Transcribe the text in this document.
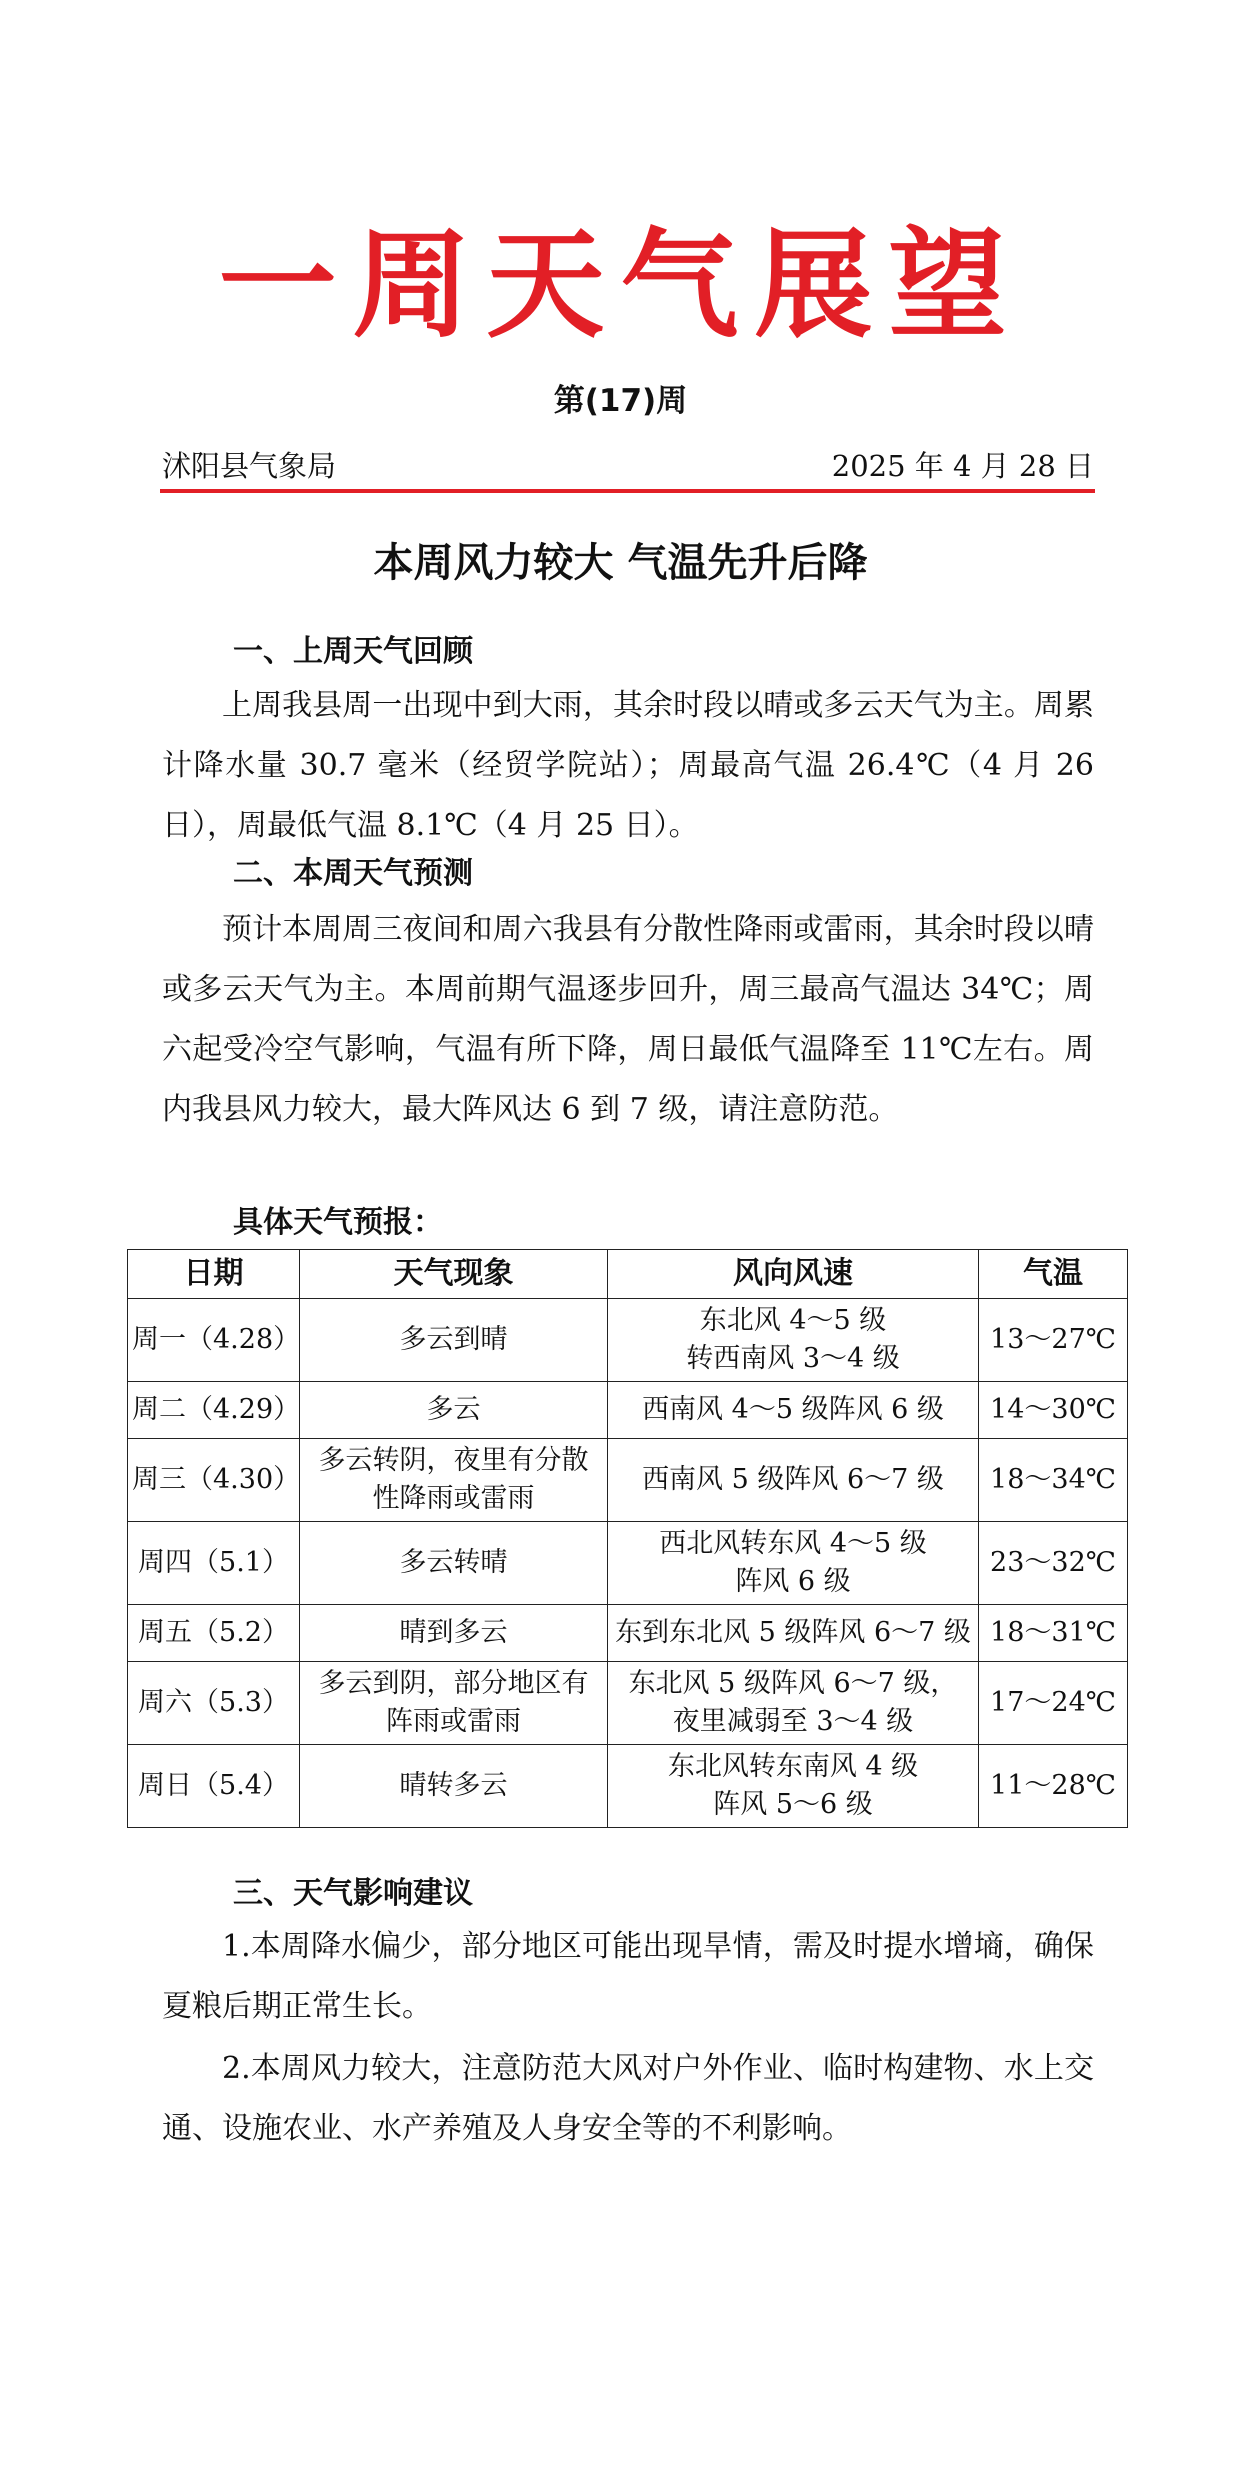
一周天气展望
第(17)周
沭阳县气象局	2025 年 4 月 28 日
本周风力较大 气温先升后降
一、上周天气回顾

上周我县周一出现中到大雨，其余时段以晴或多云天气为主。周累计降水量 30.7 毫米（经贸学院站）；周最高气温 26.4℃（4 月 26 日），周最低气温 8.1℃（4 月 25 日）。

二、本周天气预测

预计本周周三夜间和周六我县有分散性降雨或雷雨，其余时段以晴或多云天气为主。本周前期气温逐步回升，周三最高气温达 34℃；周六起受冷空气影响，气温有所下降，周日最低气温降至 11℃左右。周内我县风力较大，最大阵风达 6 到 7 级，请注意防范。

具体天气预报：
日期	天气现象	风向风速	气温
周一（4.28）	多云到晴	东北风 4～5 级
转西南风 3～4 级	13～27℃
周二（4.29）	多云	西南风 4～5 级阵风 6 级	14～30℃
周三（4.30）	多云转阴，夜里有分散
性降雨或雷雨	西南风 5 级阵风 6～7 级	18～34℃
周四（5.1）	多云转晴	西北风转东风 4～5 级
阵风 6 级	23～32℃
周五（5.2）	晴到多云	东到东北风 5 级阵风 6～7 级	18～31℃
周六（5.3）	多云到阴，部分地区有
阵雨或雷雨	东北风 5 级阵风 6～7 级，
夜里减弱至 3～4 级	17～24℃
周日（5.4）	晴转多云	东北风转东南风 4 级
阵风 5～6 级	11～28℃
三、天气影响建议

1.本周降水偏少，部分地区可能出现旱情，需及时提水增墒，确保夏粮后期正常生长。

2.本周风力较大，注意防范大风对户外作业、临时构建物、水上交通、设施农业、水产养殖及人身安全等的不利影响。
